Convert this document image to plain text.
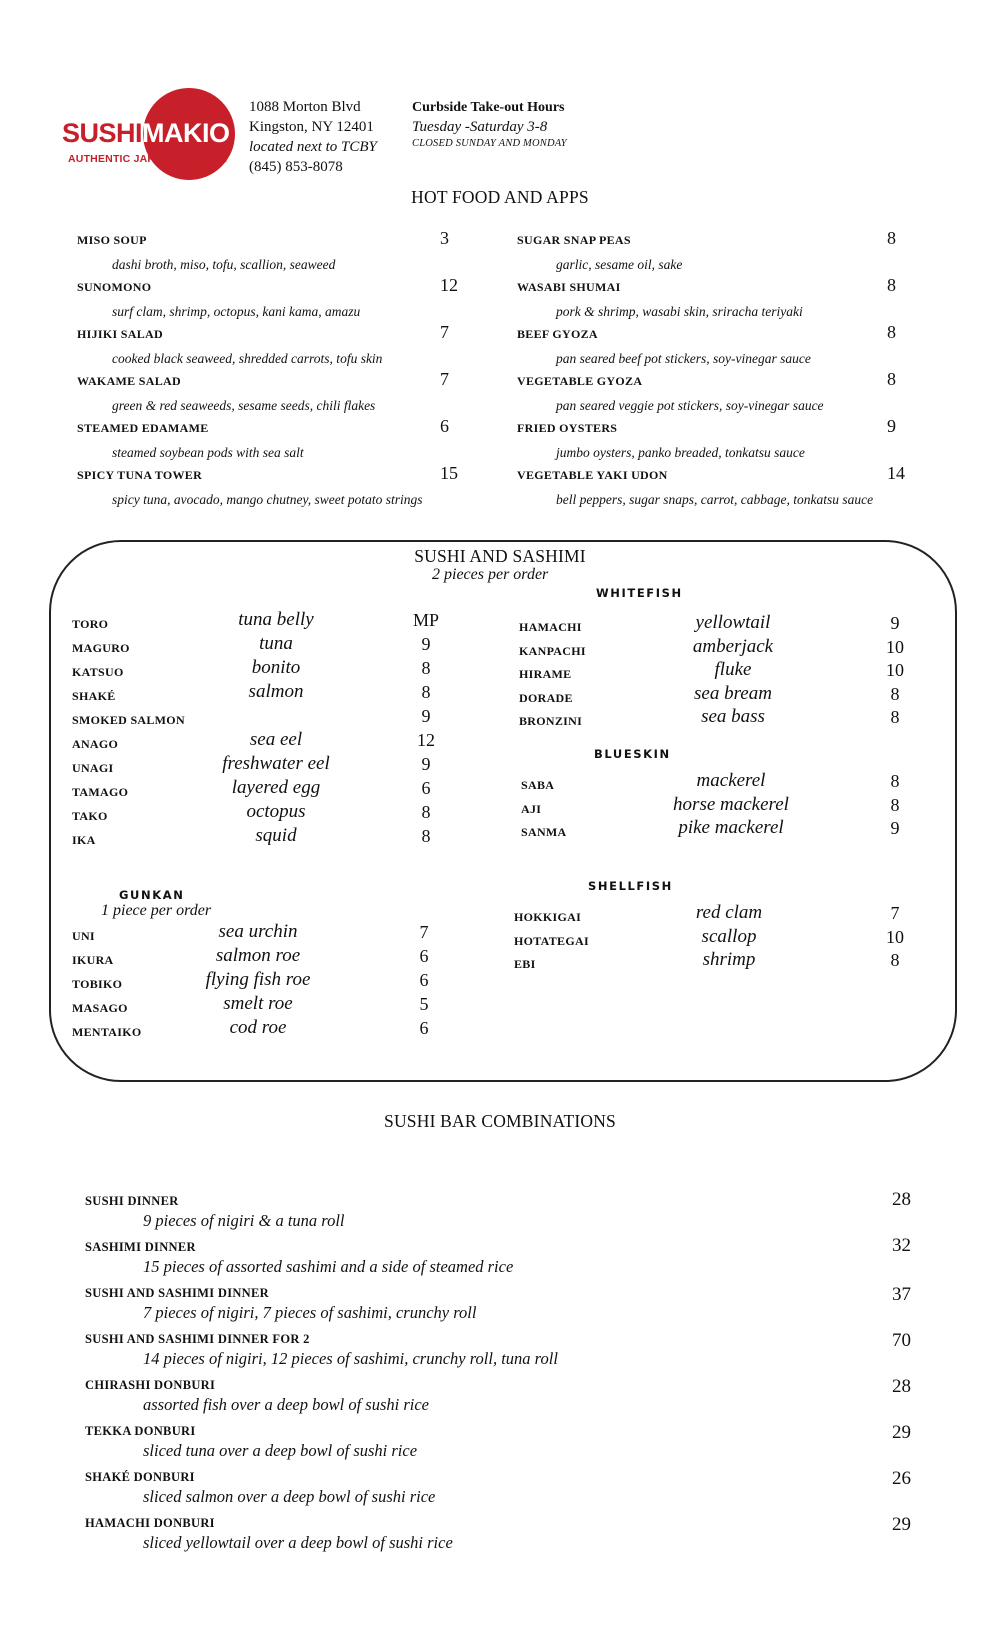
SUSHIMAKIO
AUTHENTIC JAPANESE SUSHI
1088 Morton Blvd
Kingston, NY 12401
located next to TCBY
(845) 853-8078
Curbside Take-out Hours
Tuesday -Saturday 3-8
CLOSED SUNDAY AND MONDAY
HOT FOOD AND APPS
MISO SOUP	3
dashi broth, miso, tofu, scallion, seaweed
SUNOMONO	12
surf clam, shrimp, octopus, kani kama, amazu
HIJIKI SALAD	7
cooked black seaweed, shredded carrots, tofu skin
WAKAME SALAD	7
green & red seaweeds, sesame seeds, chili flakes
STEAMED EDAMAME	6
steamed soybean pods with sea salt
SPICY TUNA TOWER	15
spicy tuna, avocado, mango chutney, sweet potato strings
SUGAR SNAP PEAS	8
garlic, sesame oil, sake
WASABI SHUMAI	8
pork & shrimp, wasabi skin, sriracha teriyaki
BEEF GYOZA	8
pan seared beef pot stickers, soy-vinegar sauce
VEGETABLE GYOZA	8
pan seared veggie pot stickers, soy-vinegar sauce
FRIED OYSTERS	9
jumbo oysters, panko breaded, tonkatsu sauce
VEGETABLE YAKI UDON	14
bell peppers, sugar snaps, carrot, cabbage, tonkatsu sauce
SUSHI AND SASHIMI
2 pieces per order
WHITEFISH
BLUESKIN
SHELLFISH
GUNKAN
1 piece per order
TORO	tuna belly	MP
MAGURO	tuna	9
KATSUO	bonito	8
SHAKÉ	salmon	8
SMOKED SALMON	9
ANAGO	sea eel	12
UNAGI	freshwater eel	9
TAMAGO	layered egg	6
TAKO	octopus	8
IKA	squid	8
UNI	sea urchin	7
IKURA	salmon roe	6
TOBIKO	flying fish roe	6
MASAGO	smelt roe	5
MENTAIKO	cod roe	6
HAMACHI	yellowtail	9
KANPACHI	amberjack	10
HIRAME	fluke	10
DORADE	sea bream	8
BRONZINI	sea bass	8
SABA	mackerel	8
AJI	horse mackerel	8
SANMA	pike mackerel	9
HOKKIGAI	red clam	7
HOTATEGAI	scallop	10
EBI	shrimp	8
SUSHI BAR COMBINATIONS
SUSHI DINNER
9 pieces of nigiri & a tuna roll
28
SASHIMI DINNER
15 pieces of assorted sashimi and a side of steamed rice
32
SUSHI AND SASHIMI DINNER
7 pieces of nigiri, 7 pieces of sashimi, crunchy roll
37
SUSHI AND SASHIMI DINNER FOR 2
14 pieces of nigiri, 12 pieces of sashimi, crunchy roll, tuna roll
70
CHIRASHI DONBURI
assorted fish over a deep bowl of sushi rice
28
TEKKA DONBURI
sliced tuna over a deep bowl of sushi rice
29
SHAKÉ DONBURI
sliced salmon over a deep bowl of sushi rice
26
HAMACHI DONBURI
sliced yellowtail over a deep bowl of sushi rice
29
